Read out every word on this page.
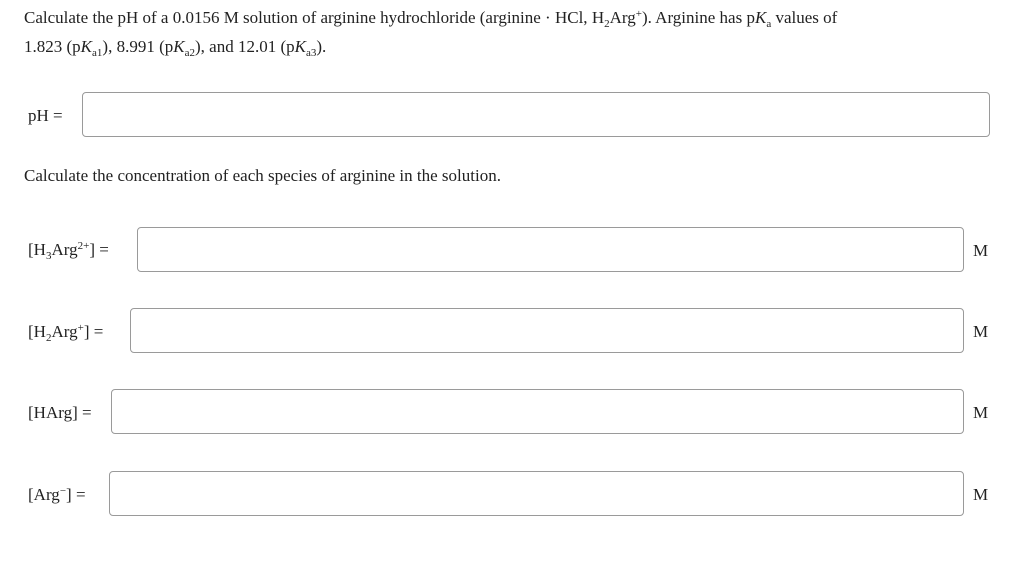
Calculate the pH of a 0.0156 M solution of arginine hydrochloride (arginine · HCl, $H_2Arg^+$). Arginine has $pK_a$ values of
1.823 $(pK_{a1})$, 8.991 $(pK_{a2})$, and 12.01 $(pK_{a3})$.
pH =
Calculate the concentration of each species of arginine in the solution.
$[H_3Arg^{2+}]$ =	M
$[H_2Arg^+]$ =	M
[HArg] =	M
[Arg−] =	M
